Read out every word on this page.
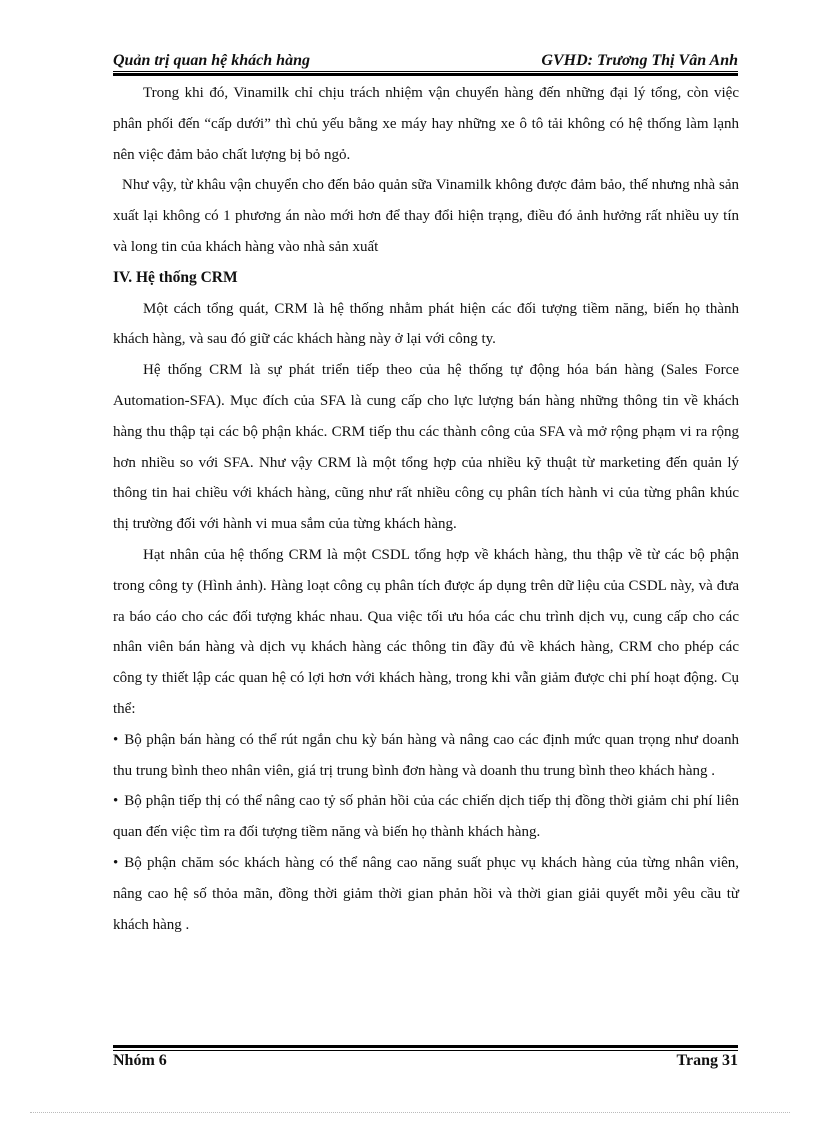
Quản trị quan hệ khách hàng	GVHD: Trương Thị Vân Anh

Trong khi đó, Vinamilk chỉ chịu trách nhiệm vận chuyển hàng đến những đại lý tổng, còn việc phân phối đến “cấp dưới” thì chủ yếu bằng xe máy hay những xe ô tô tải không có hệ thống làm lạnh nên việc đảm bảo chất lượng bị bỏ ngỏ.

Như vậy, từ khâu vận chuyển cho đến bảo quản sữa Vinamilk không được đảm bảo, thế nhưng nhà sản xuất lại không có 1 phương án nào mới hơn để thay đổi hiện trạng, điều đó ảnh hưởng rất nhiều uy tín và long tin của khách hàng vào nhà sản xuất

IV. Hệ thống CRM

Một cách tổng quát, CRM là hệ thống nhằm phát hiện các đối tượng tiềm năng, biến họ thành khách hàng, và sau đó giữ các khách hàng này ở lại với công ty.

Hệ thống CRM là sự phát triển tiếp theo của hệ thống tự động hóa bán hàng (Sales Force Automation-SFA). Mục đích của SFA là cung cấp cho lực lượng bán hàng những thông tin về khách hàng thu thập tại các bộ phận khác. CRM tiếp thu các thành công của SFA và mở rộng phạm vi ra rộng hơn nhiều so với SFA. Như vậy CRM là một tổng hợp của nhiều kỹ thuật từ marketing đến quản lý thông tin hai chiều với khách hàng, cũng như rất nhiều công cụ phân tích hành vi của từng phân khúc thị trường đối với hành vi mua sắm của từng khách hàng.

Hạt nhân của hệ thống CRM là một CSDL tổng hợp về khách hàng, thu thập về từ các bộ phận trong công ty (Hình ảnh). Hàng loạt công cụ phân tích được áp dụng trên dữ liệu của CSDL này, và đưa ra báo cáo cho các đối tượng khác nhau. Qua việc tối ưu hóa các chu trình dịch vụ, cung cấp cho các nhân viên bán hàng và dịch vụ khách hàng các thông tin đầy đủ về khách hàng, CRM cho phép các công ty thiết lập các quan hệ có lợi hơn với khách hàng, trong khi vẫn giảm được chi phí hoạt động. Cụ thể:

• Bộ phận bán hàng có thể rút ngắn chu kỳ bán hàng và nâng cao các định mức quan trọng như doanh thu trung bình theo nhân viên, giá trị trung bình đơn hàng và doanh thu trung bình theo khách hàng .

• Bộ phận tiếp thị có thể nâng cao tỷ số phản hồi của các chiến dịch tiếp thị đồng thời giảm chi phí liên quan đến việc tìm ra đối tượng tiềm năng và biến họ thành khách hàng.

• Bộ phận chăm sóc khách hàng có thể nâng cao năng suất phục vụ khách hàng của từng nhân viên, nâng cao hệ số thỏa mãn, đồng thời giảm thời gian phản hồi và thời gian giải quyết mỗi yêu cầu từ khách hàng .

Nhóm 6	Trang 31
